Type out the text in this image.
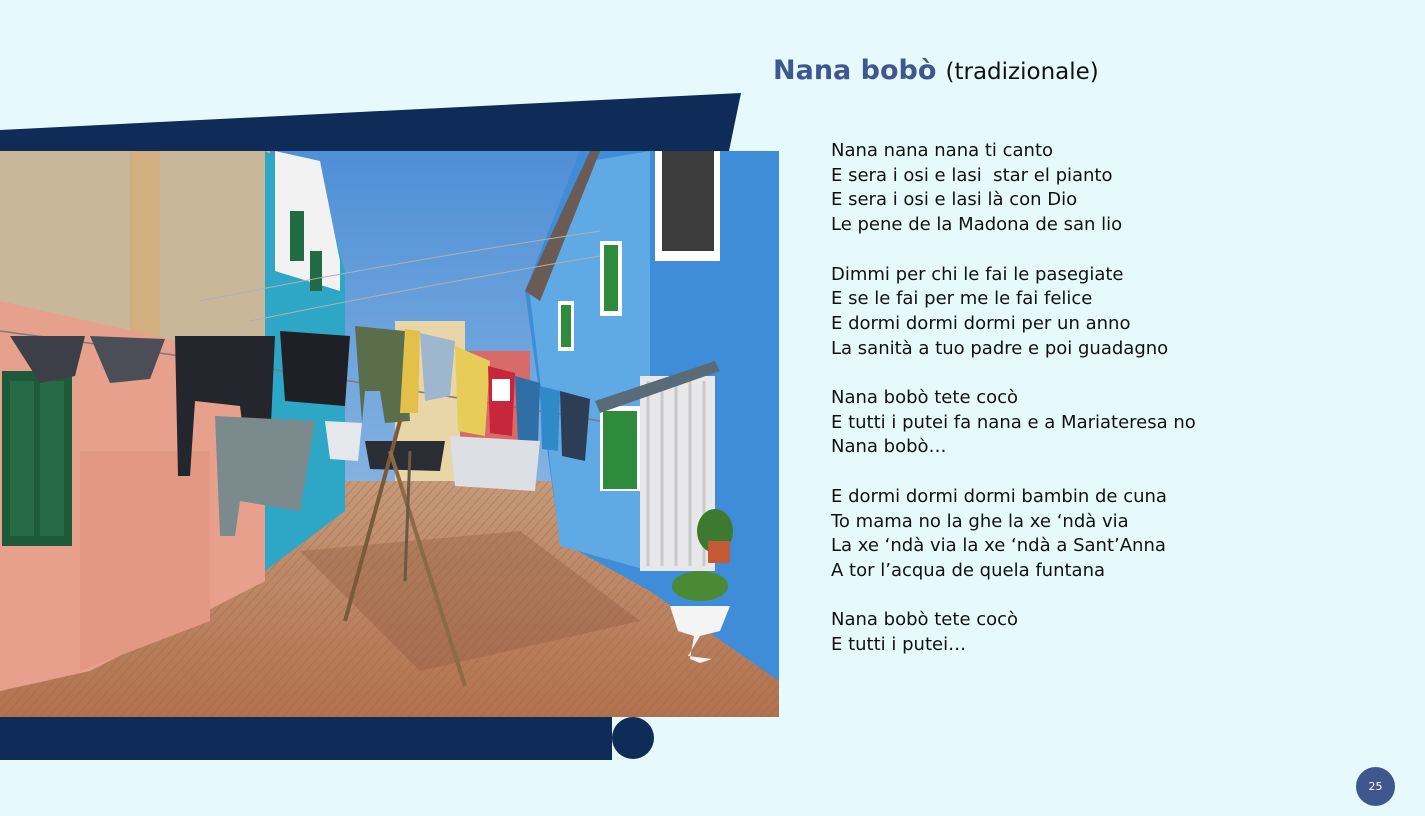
Nana bobò (tradizionale)
Nana nana nana ti canto
E sera i osi e lasi  star el pianto
E sera i osi e lasi là con Dio
Le pene de la Madona de san lio
Dimmi per chi le fai le pasegiate
E se le fai per me le fai felice
E dormi dormi dormi per un anno
La sanità a tuo padre e poi guadagno
Nana bobò tete cocò
E tutti i putei fa nana e a Mariateresa no
Nana bobò…
E dormi dormi dormi bambin de cuna
To mama no la ghe la xe ‘ndà via
La xe ‘ndà via la xe ‘ndà a Sant’Anna
A tor l’acqua de quela funtana
Nana bobò tete cocò
E tutti i putei…
25
